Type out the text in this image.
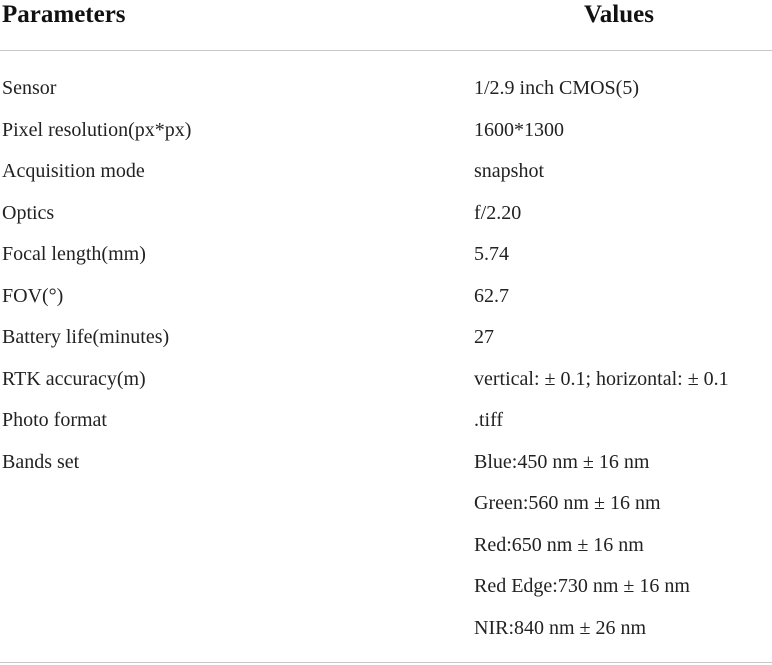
Parameters	Values
Sensor	1/2.9 inch CMOS(5)
Pixel resolution(px*px)	1600*1300
Acquisition mode	snapshot
Optics	f/2.20
Focal length(mm)	5.74
FOV(°)	62.7
Battery life(minutes)	27
RTK accuracy(m)	vertical: ± 0.1; horizontal: ± 0.1
Photo format	.tiff
Bands set	Blue:450 nm ± 16 nm
Green:560 nm ± 16 nm
Red:650 nm ± 16 nm
Red Edge:730 nm ± 16 nm
NIR:840 nm ± 26 nm
